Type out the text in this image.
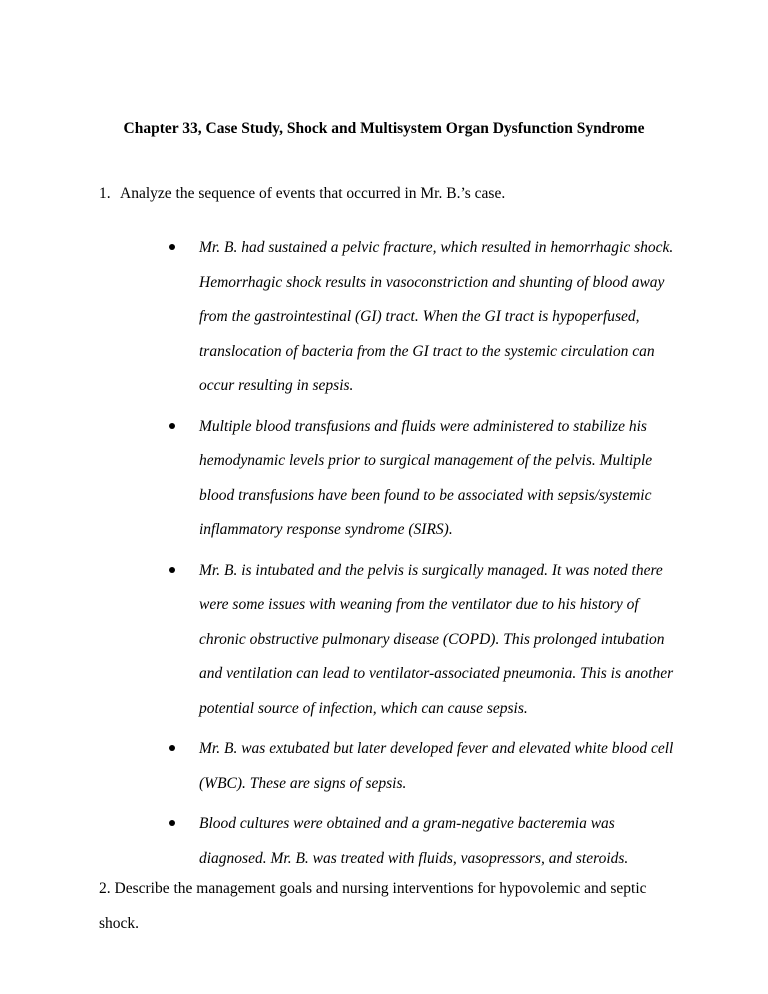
Chapter 33, Case Study, Shock and Multisystem Organ Dysfunction Syndrome
1. Analyze the sequence of events that occurred in Mr. B.’s case.
Mr. B. had sustained a pelvic fracture, which resulted in hemorrhagic shock. Hemorrhagic shock results in vasoconstriction and shunting of blood away from the gastrointestinal (GI) tract. When the GI tract is hypoperfused, translocation of bacteria from the GI tract to the systemic circulation can occur resulting in sepsis.
Multiple blood transfusions and fluids were administered to stabilize his hemodynamic levels prior to surgical management of the pelvis. Multiple blood transfusions have been found to be associated with sepsis/systemic inflammatory response syndrome (SIRS).
Mr. B. is intubated and the pelvis is surgically managed. It was noted there were some issues with weaning from the ventilator due to his history of chronic obstructive pulmonary disease (COPD). This prolonged intubation and ventilation can lead to ventilator-associated pneumonia. This is another potential source of infection, which can cause sepsis.
Mr. B. was extubated but later developed fever and elevated white blood cell (WBC). These are signs of sepsis.
Blood cultures were obtained and a gram-negative bacteremia was diagnosed. Mr. B. was treated with fluids, vasopressors, and steroids.
2. Describe the management goals and nursing interventions for hypovolemic and septic shock.
